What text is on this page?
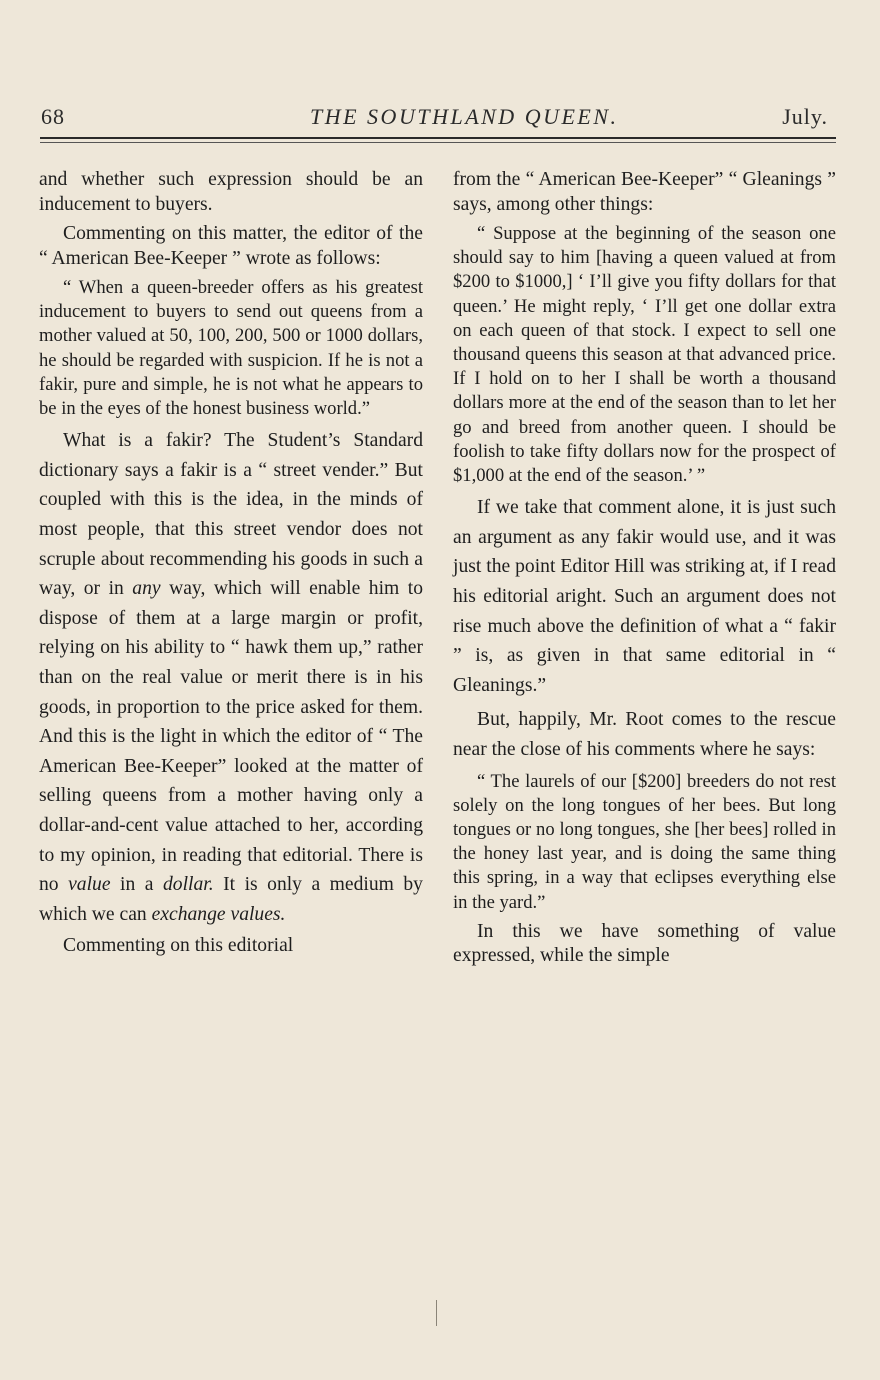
68	THE SOUTHLAND QUEEN.	July.

and whether such expression should be an inducement to buyers.

Commenting on this matter, the editor of the “ American Bee-Keeper ” wrote as follows:

“ When a queen-breeder offers as his greatest inducement to buyers to send out queens from a mother valued at 50, 100, 200, 500 or 1000 dollars, he should be regarded with suspicion. If he is not a fakir, pure and simple, he is not what he appears to be in the eyes of the honest business world.”

What is a fakir? The Student’s Standard dictionary says a fakir is a “ street vender.” But coupled with this is the idea, in the minds of most people, that this street vendor does not scruple about recommending his goods in such a way, or in any way, which will enable him to dispose of them at a large margin or profit, relying on his ability to “ hawk them up,” rather than on the real value or merit there is in his goods, in proportion to the price asked for them. And this is the light in which the editor of “ The American Bee-Keeper” looked at the matter of selling queens from a mother having only a dollar-and-cent value attached to her, according to my opinion, in reading that editorial. There is no value in a dollar. It is only a medium by which we can exchange values.

Commenting on this editorial

from the “ American Bee-Keeper” “ Gleanings ” says, among other things:

“ Suppose at the beginning of the season one should say to him [having a queen valued at from $200 to $1000,] ‘ I’ll give you fifty dollars for that queen.’ He might reply, ‘ I’ll get one dollar extra on each queen of that stock. I expect to sell one thousand queens this season at that advanced price. If I hold on to her I shall be worth a thousand dollars more at the end of the season than to let her go and breed from another queen. I should be foolish to take fifty dollars now for the prospect of $1,000 at the end of the season.’ ”

If we take that comment alone, it is just such an argument as any fakir would use, and it was just the point Editor Hill was striking at, if I read his editorial aright. Such an argument does not rise much above the definition of what a “ fakir ” is, as given in that same editorial in “ Gleanings.”

But, happily, Mr. Root comes to the rescue near the close of his comments where he says:

“ The laurels of our [$200] breeders do not rest solely on the long tongues of her bees. But long tongues or no long tongues, she [her bees] rolled in the honey last year, and is doing the same thing this spring, in a way that eclipses everything else in the yard.”

In this we have something of value expressed, while the simple
